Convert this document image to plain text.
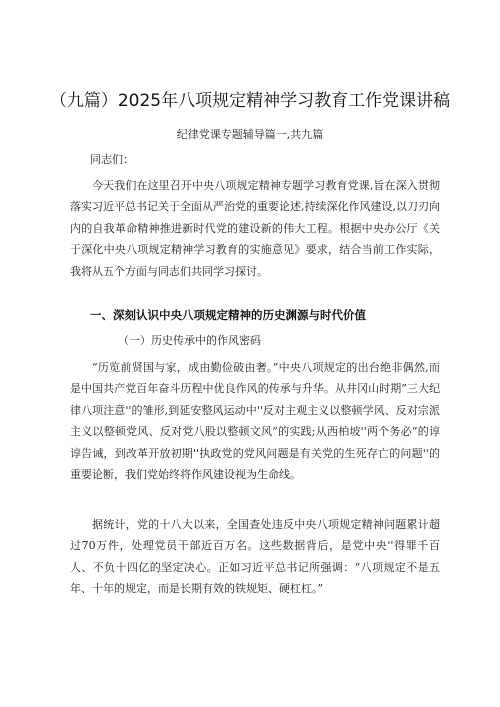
（九篇）2025年八项规定精神学习教育工作党课讲稿
纪律党课专题辅导篇一,共九篇
同志们：

今天我们在这里召开中央八项规定精神专题学习教育党课,旨在深入贯彻落实习近平总书记关于全面从严治党的重要论述,持续深化作风建设,以刀刃向内的自我革命精神推进新时代党的建设新的伟大工程。根据中央办公厅《关于深化中央八项规定精神学习教育的实施意见》要求，结合当前工作实际，我将从五个方面与同志们共同学习探讨。

一、深刻认识中央八项规定精神的历史渊源与时代价值
（一）历史传承中的作风密码

“历览前贤国与家，成由勤俭破由奢。”中央八项规定的出台绝非偶然,而是中国共产党百年奋斗历程中优良作风的传承与升华。从井冈山时期”三大纪律八项注意''的雏形,到延安整风运动中''反对主观主义以整顿学风、反对宗派主义以整顿党风、反对党八股以整顿文风”的实践;从西柏坡''两个务必”的谆谆告诫，到改革开放初期''执政党的党风问题是有关党的生死存亡的问题''的重要论断，我们党始终将作风建设视为生命线。

据统计，党的十八大以来，全国查处违反中央八项规定精神问题累计超过70万件，处理党员干部近百万名。这些数据背后，是党中央''得罪千百人、不负十四亿的坚定决心。正如习近平总书记所强调：“八项规定不是五年、十年的规定，而是长期有效的铁规矩、硬杠杠。”
